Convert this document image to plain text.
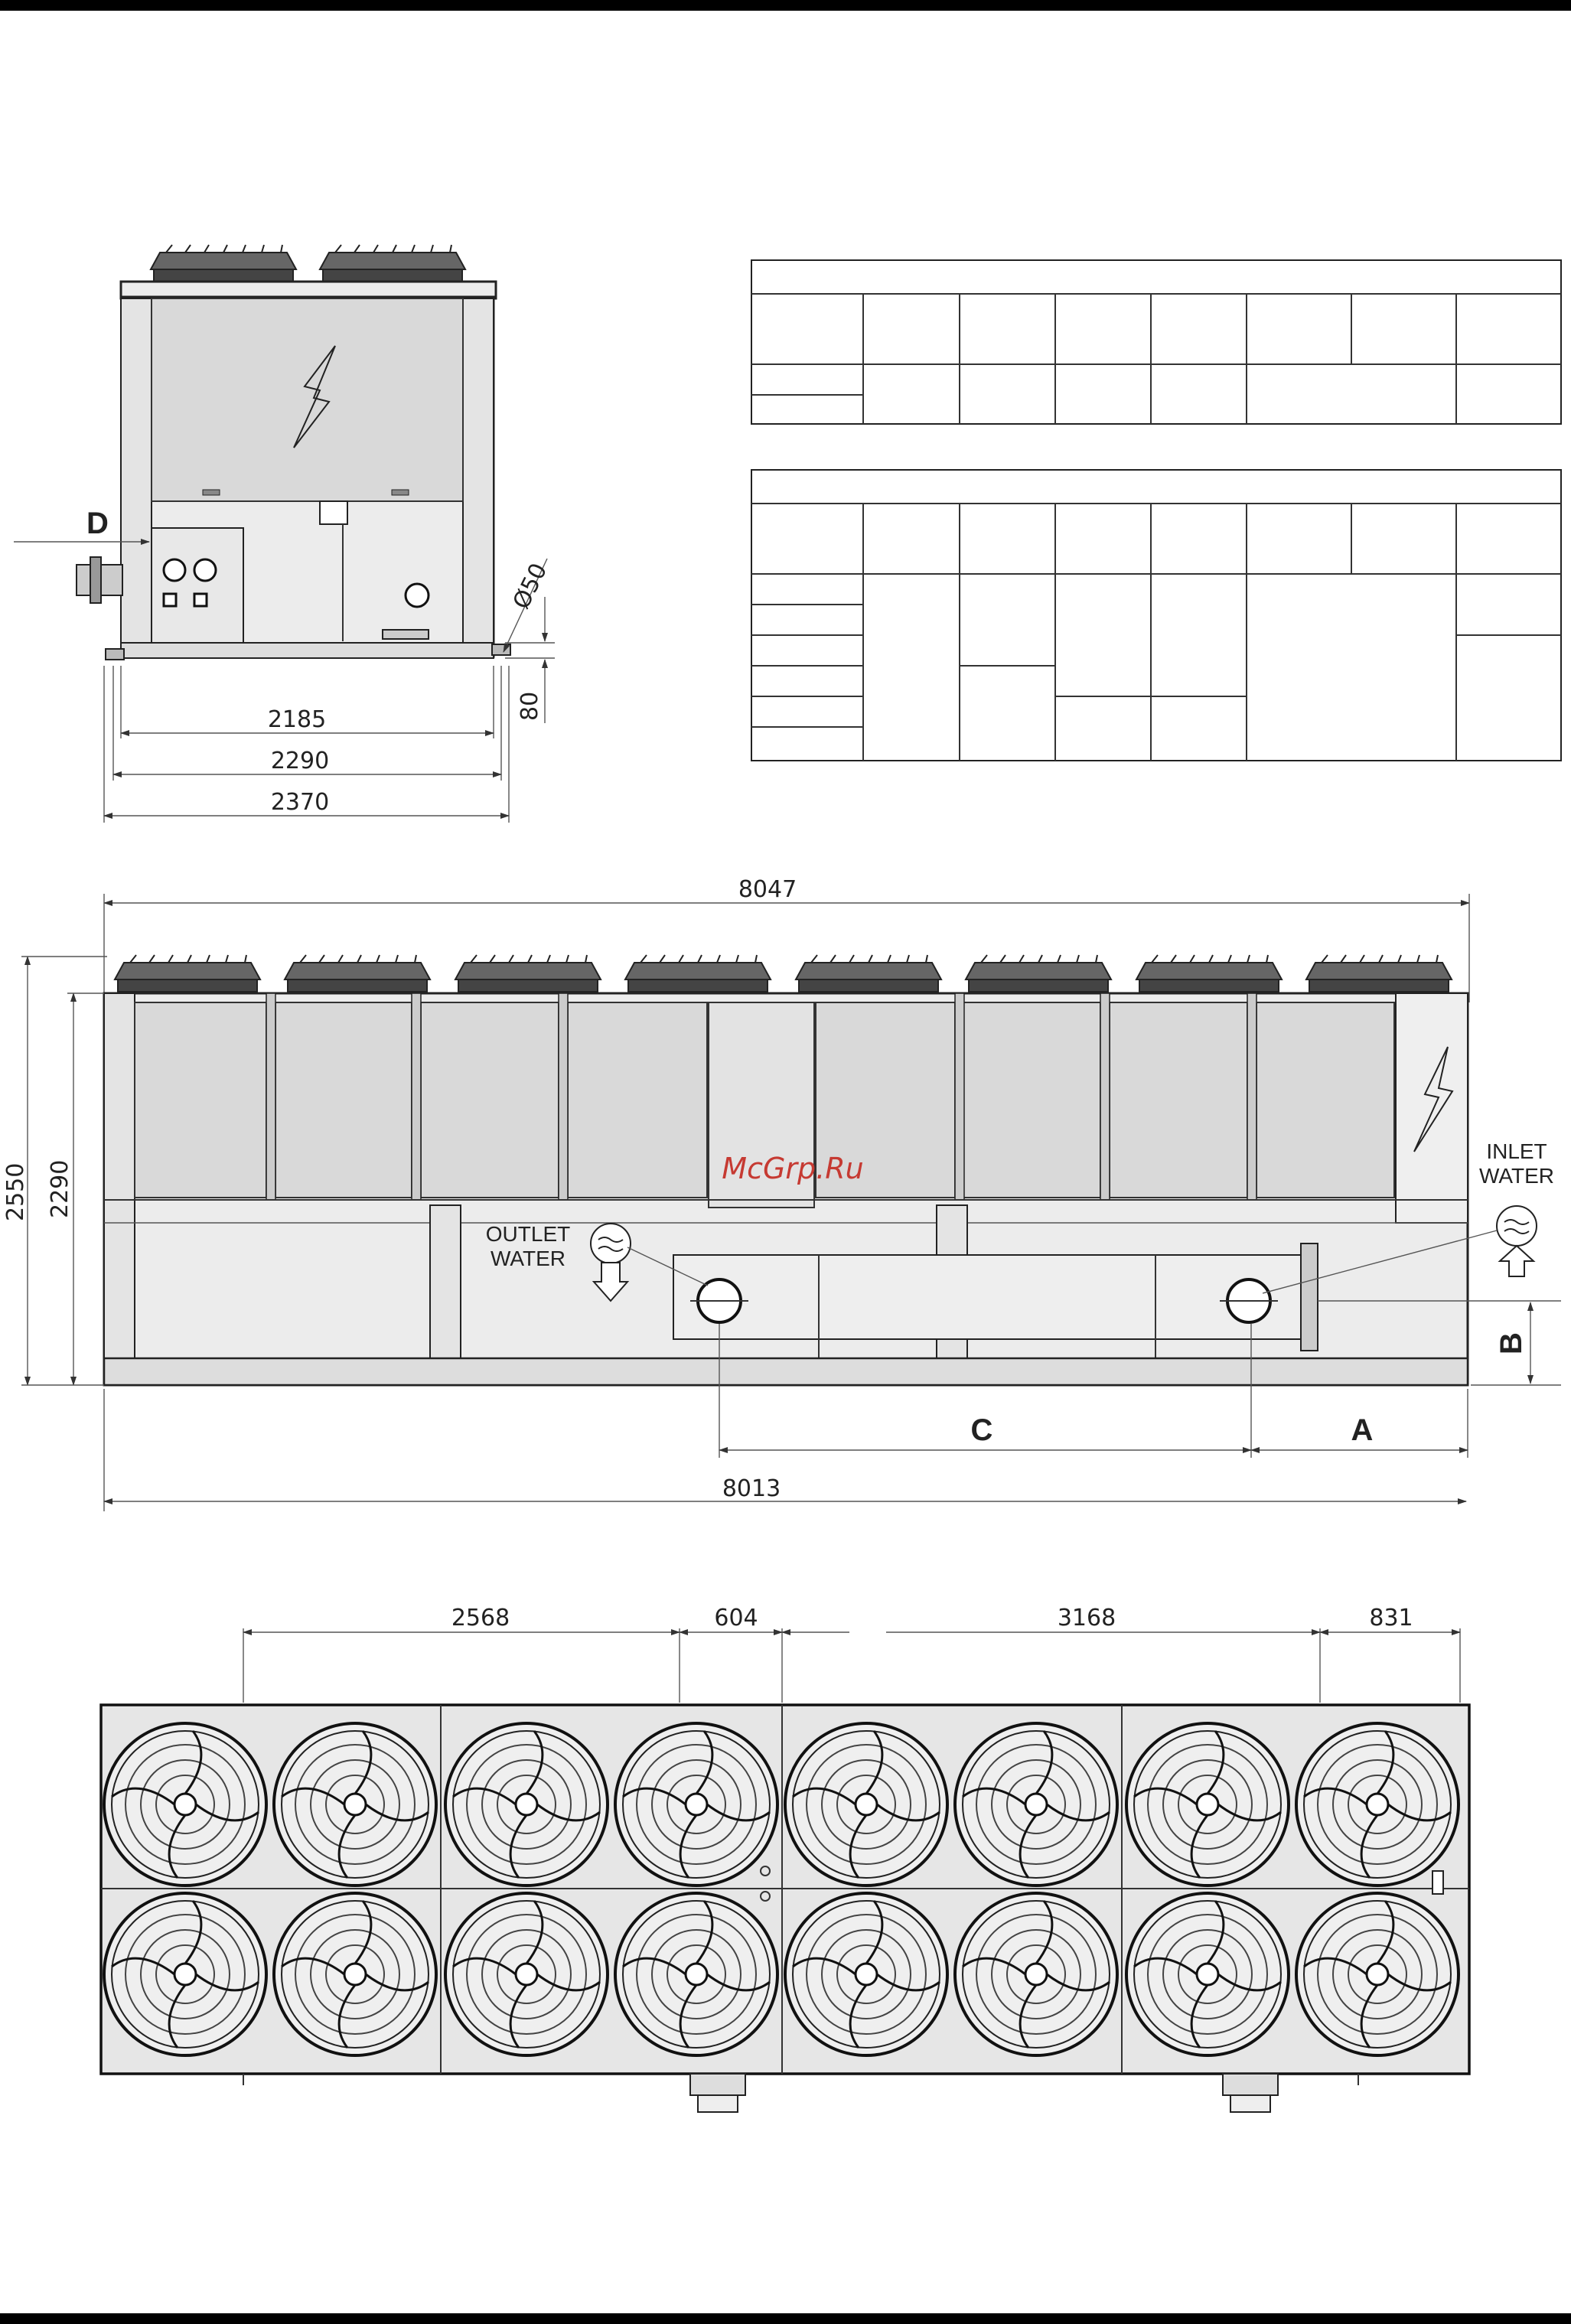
D
2185
2290
2370
Ø50
80
8047
OUTLET
WATER
INLET
WATER
2550 2290
B
C	A
8013
McGrp.Ru
2568	604	3168	831
